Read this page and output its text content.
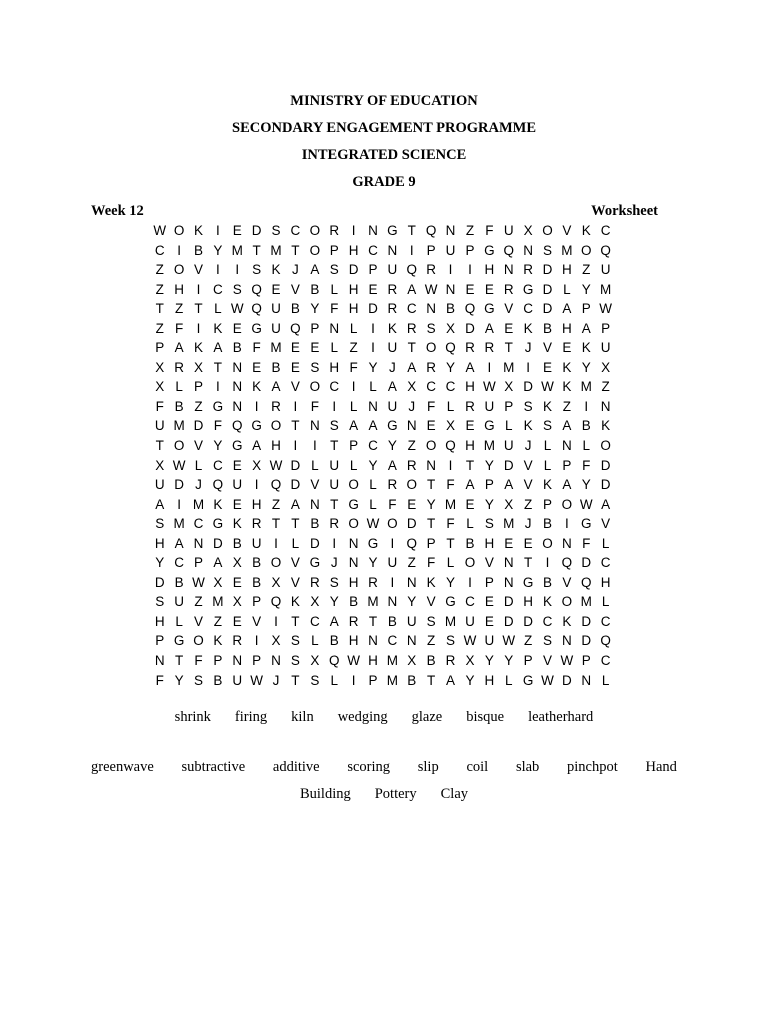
MINISTRY OF EDUCATION
SECONDARY ENGAGEMENT PROGRAMME
INTEGRATED SCIENCE
GRADE 9
Week 12	Worksheet
W O K I E D S C O R I N G T Q N Z F U X O V K C
C I B Y M T M T O P H C N I P U P G Q N S M O Q
Z O V I	I S K J A S D P U Q R I	I H N R D H Z U
Z H I C S Q E V B L H E R A W N E E R G D L Y M
T Z T L W Q U B Y F H D R C N B Q G V C D A P W
Z F I K E G U Q P N L	I K R S X D A E K B H A P
P A K A B F M E E L Z I U T O Q R R T J V E K U
X R X T N E B E S H F Y J A R Y A I M I E K Y X
X L P I N K A V O C I	L A X C C H W X D W K M Z
F B Z G N I R I F I	L N U J F L R U P S K Z I N
U M D F Q G O T N S A A G N E X E G L K S A B K
T O V Y G A H I	I T P C Y Z O Q H M U J L N L O
X W L C E X W D L U L Y A R N I T Y D V L P F D
U D J Q U I Q D V U O L R O T F A P A V K A Y D
A I M K E H Z A N T G L F E Y M E Y X Z P O W A
S M C G K R T T B R O W O D T F L S M J B I G V
H A N D B U I	L D I N G I Q P T B H E E O N F L
Y C P A X B O V G J N Y U Z F L O V N T I Q D C
D B W X E B X V R S H R I N K Y I P N G B V Q H
S U Z M X P Q K X Y B M N Y V G C E D H K O M L
H L V Z E V I T C A R T B U S M U E D D C K D C
P G O K R I X S L B H N C N Z S W U W Z S N D Q
N T F P N P N S X Q W H M X B R X Y Y P V W P C
F Y S B U W J T S L	I P M B T A Y H L G W D N L
shrink firing kiln wedging glaze bisque leatherhard
greenwave subtractive additive scoring slip coil slab pinchpot Hand
Building Pottery Clay
